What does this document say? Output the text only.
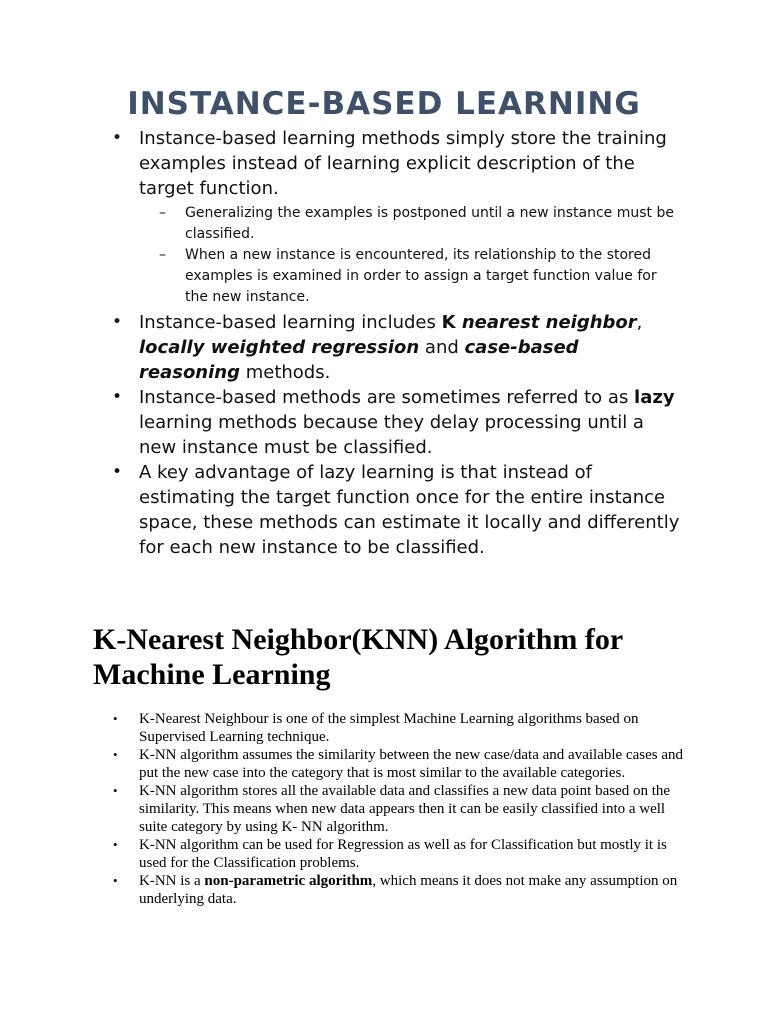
INSTANCE-BASED LEARNING
• Instance-based learning methods simply store the training examples instead of learning explicit description of the target function.
– Generalizing the examples is postponed until a new instance must be classified.
– When a new instance is encountered, its relationship to the stored examples is examined in order to assign a target function value for the new instance.
• Instance-based learning includes K nearest neighbor, locally weighted regression and case-based reasoning methods.
• Instance-based methods are sometimes referred to as lazy learning methods because they delay processing until a new instance must be classified.
• A key advantage of lazy learning is that instead of estimating the target function once for the entire instance space, these methods can estimate it locally and differently for each new instance to be classified.
K-Nearest Neighbor(KNN) Algorithm for Machine Learning
• K-Nearest Neighbour is one of the simplest Machine Learning algorithms based on Supervised Learning technique.
• K-NN algorithm assumes the similarity between the new case/data and available cases and put the new case into the category that is most similar to the available categories.
• K-NN algorithm stores all the available data and classifies a new data point based on the similarity. This means when new data appears then it can be easily classified into a well suite category by using K- NN algorithm.
• K-NN algorithm can be used for Regression as well as for Classification but mostly it is used for the Classification problems.
• K-NN is a non-parametric algorithm, which means it does not make any assumption on underlying data.
